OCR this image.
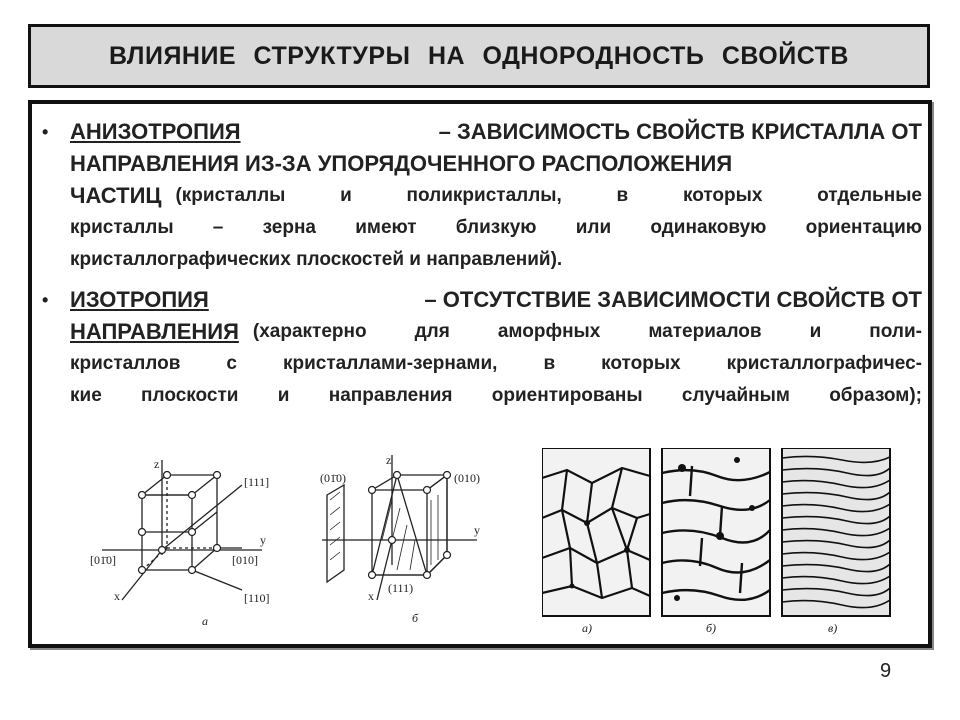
ВЛИЯНИЕ СТРУКТУРЫ НА ОДНОРОДНОСТЬ СВОЙСТВ
• АНИЗОТРОПИЯ	– ЗАВИСИМОСТЬ СВОЙСТВ КРИСТАЛЛА ОТ
НАПРАВЛЕНИЯ ИЗ-ЗА УПОРЯДОЧЕННОГО РАСПОЛОЖЕНИЯ
ЧАСТИЦ (кристаллы и поликристаллы, в которых отдельные
кристаллы – зерна имеют близкую или одинаковую ориентацию
кристаллографических плоскостей и направлений).
• ИЗОТРОПИЯ	– ОТСУТСТВИЕ ЗАВИСИМОСТИ СВОЙСТВ ОТ
НАПРАВЛЕНИЯ (характерно для аморфных материалов и поли-
кристаллов с кристаллами-зернами, в которых кристаллографичес-
кие плоскости и направления ориентированы случайным образом);
z
y
x
[111]
[01̄0]	[010]
[110]
а
z
y
x
(01̄0)	(010)
(111)
б
а)	б)	в)
9
